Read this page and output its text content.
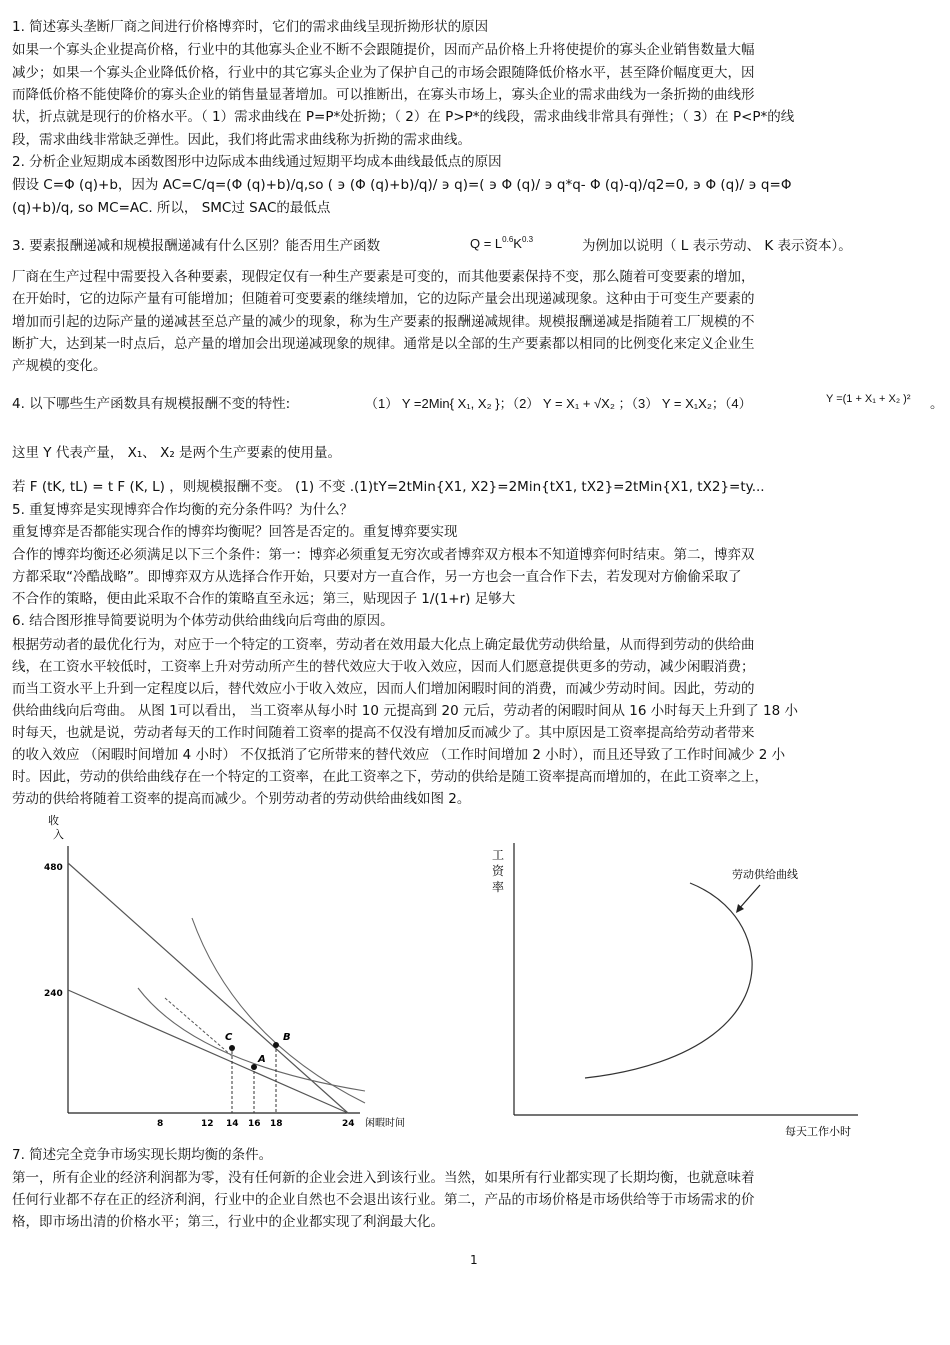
1. 简述寡头垄断厂商之间进行价格博弈时，它们的需求曲线呈现折拗形状的原因
如果一个寡头企业提高价格，行业中的其他寡头企业不断不会跟随提价，因而产品价格上升将使提价的寡头企业销售数量大幅
减少；如果一个寡头企业降低价格，行业中的其它寡头企业为了保护自己的市场会跟随降低价格水平，甚至降价幅度更大，因
而降低价格不能使降价的寡头企业的销售量显著增加。可以推断出，在寡头市场上，寡头企业的需求曲线为一条折拗的曲线形
状，折点就是现行的价格水平。（ 1）需求曲线在 P=P*处折拗；（ 2）在 P>P*的线段，需求曲线非常具有弹性；（ 3）在 P<P*的线
段，需求曲线非常缺乏弹性。因此，我们将此需求曲线称为折拗的需求曲线。
2. 分析企业短期成本函数图形中边际成本曲线通过短期平均成本曲线最低点的原因
假设 C=Φ (q)+b，因为 AC=C/q=(Φ (q)+b)/q,so ( ϶ (Φ (q)+b)/q)/ ϶ q)=( ϶ Φ (q)/ ϶ q*q- Φ (q)-q)/q2=0, ϶ Φ (q)/ ϶ q=Φ
(q)+b)/q, so MC=AC. 所以， SMC过 SAC的最低点
3. 要素报酬递减和规模报酬递减有什么区别？能否用生产函数	$Q = L^{0.6}K^{0.3}$	为例加以说明（ L 表示劳动、 K 表示资本）。
厂商在生产过程中需要投入各种要素，现假定仅有一种生产要素是可变的，而其他要素保持不变，那么随着可变要素的增加，
在开始时，它的边际产量有可能增加；但随着可变要素的继续增加，它的边际产量会出现递减现象。这种由于可变生产要素的
增加而引起的边际产量的递减甚至总产量的减少的现象，称为生产要素的报酬递减规律。规模报酬递减是指随着工厂规模的不
断扩大，达到某一时点后，总产量的增加会出现递减现象的规律。通常是以全部的生产要素都以相同的比例变化来定义企业生
产规模的变化。
4. 以下哪些生产函数具有规模报酬不变的特性:	（1） Y =2Min{ X₁, X₂ }；（2） Y = X₁ + √X₂ ；（3） Y = X₁X₂；（4）	Y =(1 + X₁ + X₂ )² 。
这里 Y 代表产量， X₁、 X₂ 是两个生产要素的使用量。
若 F (tK, tL) = t F (K, L) ，则规模报酬不变。 (1) 不变 .(1)tY=2tMin{X1, X2}=2Min{tX1, tX2}=2tMin{X1, tX2}=ty...
5. 重复博弈是实现博弈合作均衡的充分条件吗？为什么？
重复博弈是否都能实现合作的博弈均衡呢？回答是否定的。重复博弈要实现
合作的博弈均衡还必须满足以下三个条件：第一：博弈必须重复无穷次或者博弈双方根本不知道博弈何时结束。第二，博弈双
方都采取“冷酷战略”。即博弈双方从选择合作开始，只要对方一直合作，另一方也会一直合作下去，若发现对方偷偷采取了
不合作的策略，便由此采取不合作的策略直至永远；第三，贴现因子 1/(1+r) 足够大
6. 结合图形推导简要说明为个体劳动供给曲线向后弯曲的原因。
根据劳动者的最优化行为，对应于一个特定的工资率，劳动者在效用最大化点上确定最优劳动供给量，从而得到劳动的供给曲
线，在工资水平较低时，工资率上升对劳动所产生的替代效应大于收入效应，因而人们愿意提供更多的劳动，减少闲暇消费；
而当工资水平上升到一定程度以后，替代效应小于收入效应，因而人们增加闲暇时间的消费，而减少劳动时间。因此，劳动的
供给曲线向后弯曲。 从图 1可以看出， 当工资率从每小时 10 元提高到 20 元后，劳动者的闲暇时间从 16 小时每天上升到了 18 小
时每天，也就是说，劳动者每天的工作时间随着工资率的提高不仅没有增加反而减少了。其中原因是工资率提高给劳动者带来
的收入效应 （闲暇时间增加 4 小时） 不仅抵消了它所带来的替代效应 （工作时间增加 2 小时），而且还导致了工作时间减少 2 小
时。因此，劳动的供给曲线存在一个特定的工资率，在此工资率之下，劳动的供给是随工资率提高而增加的，在此工资率之上，
劳动的供给将随着工资率的提高而减少。个别劳动者的劳动供给曲线如图 2。
收
入
480
240
C
A
B
8	12 14 16 18	24 闲暇时间
工
资
率
劳动供给曲线
每天工作小时
7. 简述完全竞争市场实现长期均衡的条件。
第一，所有企业的经济利润都为零，没有任何新的企业会进入到该行业。当然，如果所有行业都实现了长期均衡，也就意味着
任何行业都不存在正的经济利润，行业中的企业自然也不会退出该行业。第二，产品的市场价格是市场供给等于市场需求的价
格，即市场出清的价格水平；第三，行业中的企业都实现了利润最大化。
1
